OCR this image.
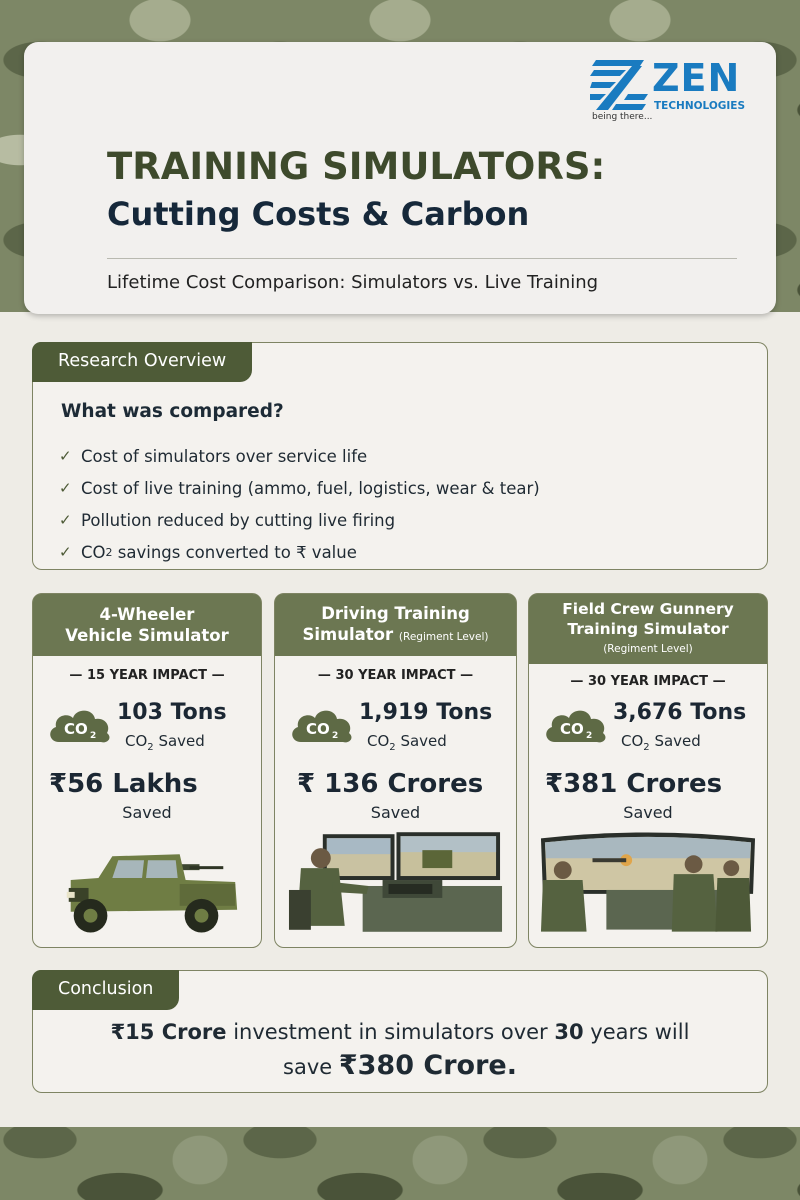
ZEN
TECHNOLOGIES
being there...
TRAINING SIMULATORS:
Cutting Costs & Carbon
Lifetime Cost Comparison: Simulators vs. Live Training
Research Overview
What was compared?
✓ Cost of simulators over service life
✓ Cost of live training (ammo, fuel, logistics, wear & tear)
✓ Pollution reduced by cutting live firing
✓ CO 2
savings converted to ₹ value
4-Wheeler
Vehicle Simulator
— 15 YEAR IMPACT —
CO 2
103 Tons
$CO_2$ Saved
₹56 Lakhs
Saved
Driving Training
Simulator (Regiment Level)
— 30 YEAR IMPACT —
CO 2
1,919 Tons
$CO_2$ Saved
₹ 136 Crores
Saved
Field Crew Gunnery
Training Simulator
(Regiment Level)
— 30 YEAR IMPACT —
CO 2
3,676 Tons
$CO_2$ Saved
₹381 Crores
Saved
Conclusion
₹15 Crore investment in simulators over 30 years will
save ₹380 Crore.
